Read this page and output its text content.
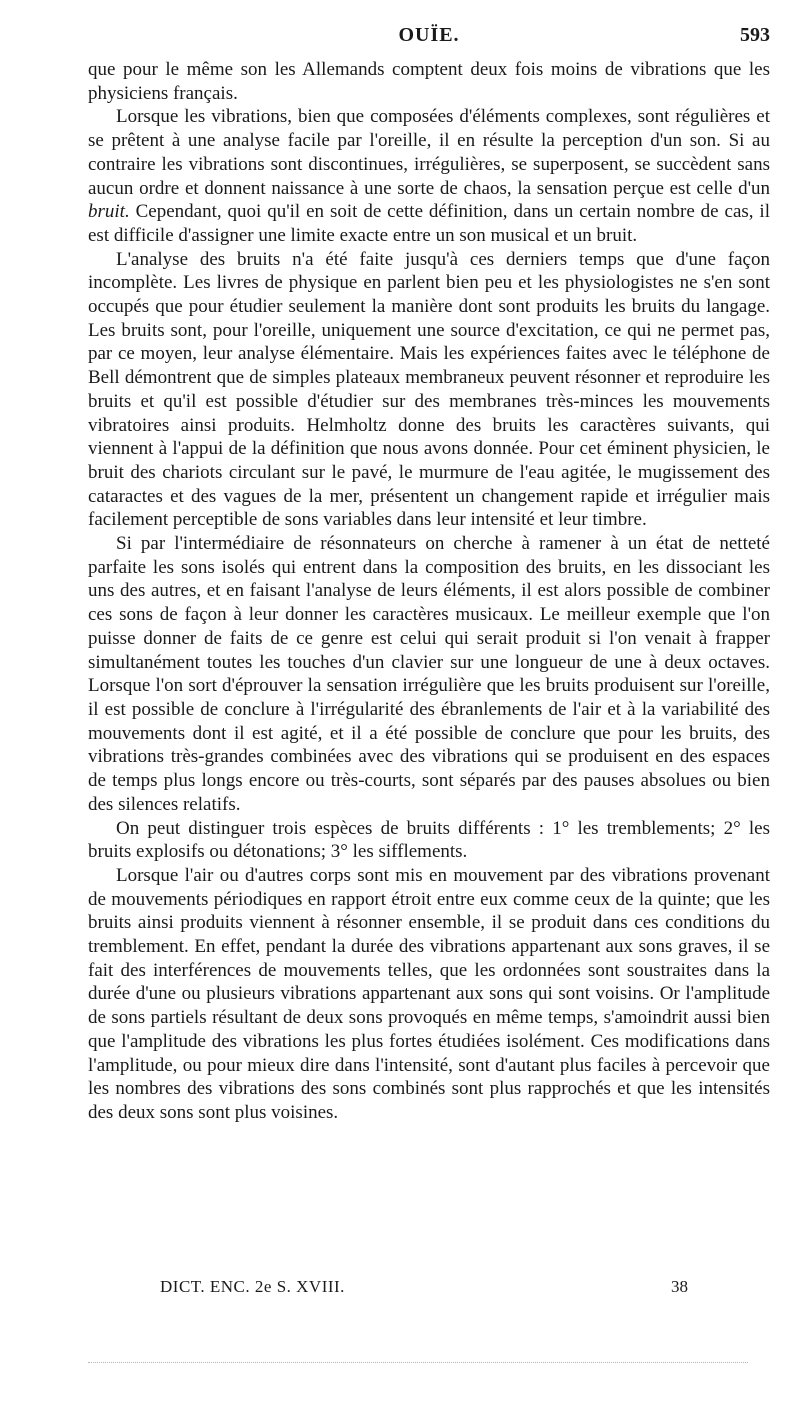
OUÏE.	593

que pour le même son les Allemands comptent deux fois moins de vibrations que les physiciens français.

Lorsque les vibrations, bien que composées d'éléments complexes, sont régulières et se prêtent à une analyse facile par l'oreille, il en résulte la perception d'un son. Si au contraire les vibrations sont discontinues, irrégulières, se superposent, se succèdent sans aucun ordre et donnent naissance à une sorte de chaos, la sensation perçue est celle d'un bruit. Cependant, quoi qu'il en soit de cette définition, dans un certain nombre de cas, il est difficile d'assigner une limite exacte entre un son musical et un bruit.

L'analyse des bruits n'a été faite jusqu'à ces derniers temps que d'une façon incomplète. Les livres de physique en parlent bien peu et les physiologistes ne s'en sont occupés que pour étudier seulement la manière dont sont produits les bruits du langage. Les bruits sont, pour l'oreille, uniquement une source d'excitation, ce qui ne permet pas, par ce moyen, leur analyse élémentaire. Mais les expériences faites avec le téléphone de Bell démontrent que de simples plateaux membraneux peuvent résonner et reproduire les bruits et qu'il est possible d'étudier sur des membranes très-minces les mouvements vibratoires ainsi produits. Helmholtz donne des bruits les caractères suivants, qui viennent à l'appui de la définition que nous avons donnée. Pour cet éminent physicien, le bruit des chariots circulant sur le pavé, le murmure de l'eau agitée, le mugissement des cataractes et des vagues de la mer, présentent un changement rapide et irrégulier mais facilement perceptible de sons variables dans leur intensité et leur timbre.

Si par l'intermédiaire de résonnateurs on cherche à ramener à un état de netteté parfaite les sons isolés qui entrent dans la composition des bruits, en les dissociant les uns des autres, et en faisant l'analyse de leurs éléments, il est alors possible de combiner ces sons de façon à leur donner les caractères musicaux. Le meilleur exemple que l'on puisse donner de faits de ce genre est celui qui serait produit si l'on venait à frapper simultanément toutes les touches d'un clavier sur une longueur de une à deux octaves. Lorsque l'on sort d'éprouver la sensation irrégulière que les bruits produisent sur l'oreille, il est possible de conclure à l'irrégularité des ébranlements de l'air et à la variabilité des mouvements dont il est agité, et il a été possible de conclure que pour les bruits, des vibrations très-grandes combinées avec des vibrations qui se produisent en des espaces de temps plus longs encore ou très-courts, sont séparés par des pauses absolues ou bien des silences relatifs.

On peut distinguer trois espèces de bruits différents : 1° les tremblements; 2° les bruits explosifs ou détonations; 3° les sifflements.

Lorsque l'air ou d'autres corps sont mis en mouvement par des vibrations provenant de mouvements périodiques en rapport étroit entre eux comme ceux de la quinte; que les bruits ainsi produits viennent à résonner ensemble, il se produit dans ces conditions du tremblement. En effet, pendant la durée des vibrations appartenant aux sons graves, il se fait des interférences de mouvements telles, que les ordonnées sont soustraites dans la durée d'une ou plusieurs vibrations appartenant aux sons qui sont voisins. Or l'amplitude de sons partiels résultant de deux sons provoqués en même temps, s'amoindrit aussi bien que l'amplitude des vibrations les plus fortes étudiées isolément. Ces modifications dans l'amplitude, ou pour mieux dire dans l'intensité, sont d'autant plus faciles à percevoir que les nombres des vibrations des sons combinés sont plus rapprochés et que les intensités des deux sons sont plus voisines.

DICT. ENC. 2e S. XVIII.	38
